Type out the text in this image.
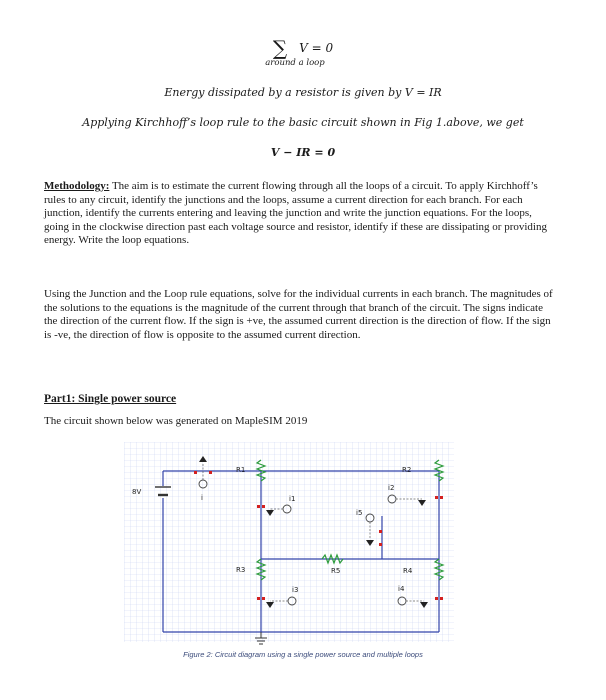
∑ V = 0
around a loop
Energy dissipated by a resistor is given by V = IR
Applying Kirchhoff’s loop rule to the basic circuit shown in Fig 1.above, we get
V − IR = 0
Methodology: The aim is to estimate the current flowing through all the loops of a circuit. To apply Kirchhoff’s rules to any circuit, identify the junctions and the loops, assume a current direction for each branch. For each junction, identify the currents entering and leaving the junction and write the junction equations. For the loops, going in the clockwise direction past each voltage source and resistor, identify if these are dissipating or providing energy. Write the loop equations.
Using the Junction and the Loop rule equations, solve for the individual currents in each branch. The magnitudes of the solutions to the equations is the magnitude of the current through that branch of the circuit. The signs indicate the direction of the current flow. If the sign is +ve, the assumed current direction is the direction of flow. If the sign is -ve, the direction of flow is opposite to the assumed current direction.
Part1: Single power source
The circuit shown below was generated on MapleSIM 2019
8V
R1	R2
R3	R5	R4
i	i1
i2
i3	i4
i5
Figure 2: Circuit diagram using a single power source and multiple loops
